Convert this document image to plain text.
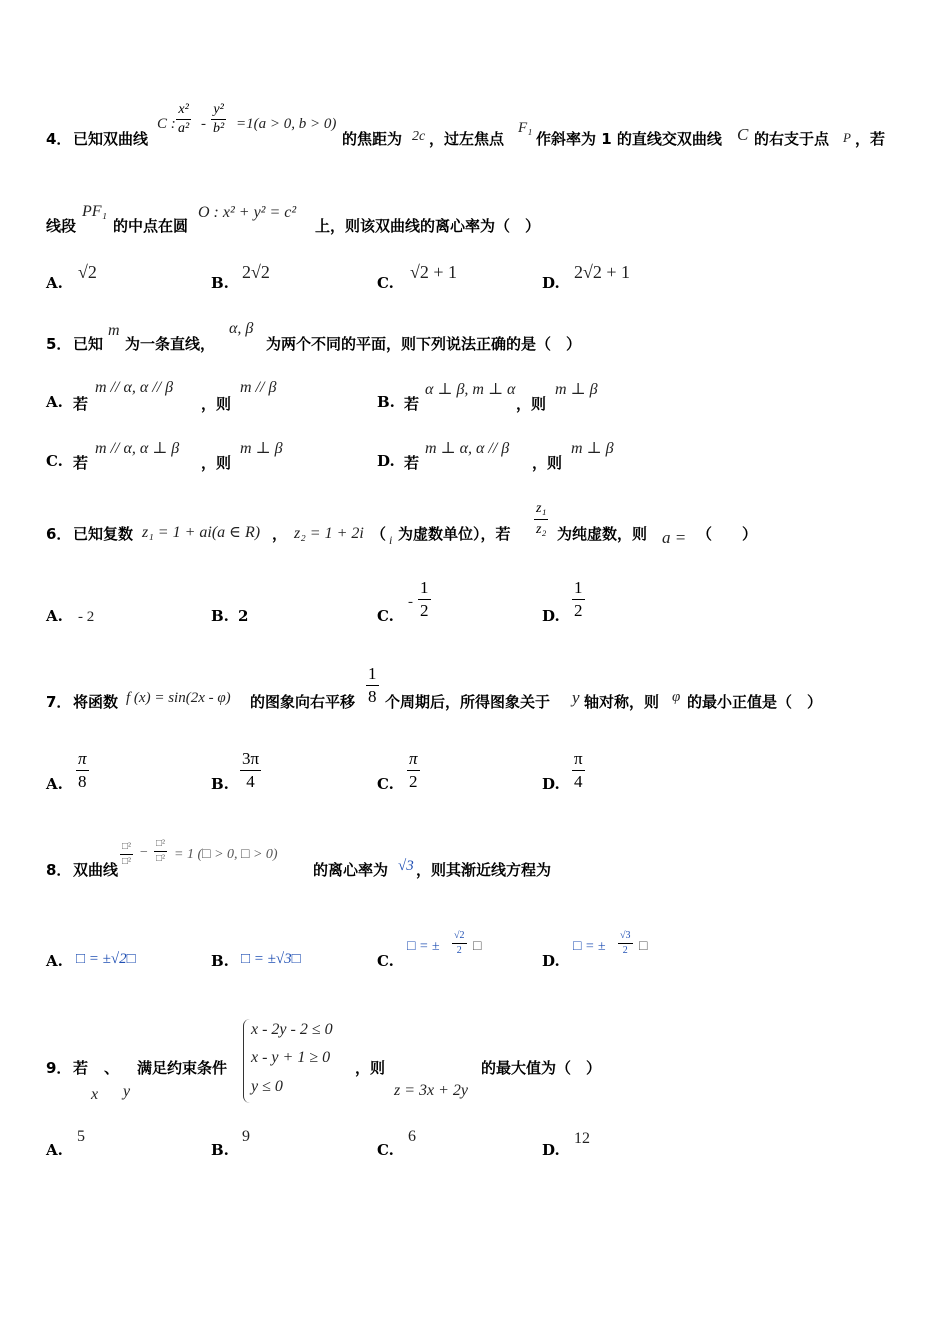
4． 已知双曲线
C :
x²
a² -
y²
b² =1(a > 0, b > 0)
的焦距为 2c ，过左焦点
F₁
作斜率为 1 的直线交双曲线 C 的右支于点 P ，若
线段
PF₁
的中点在圆
O : x² + y² = c²
上，则该双曲线的离心率为（　）
A.
√2
B.
2√2
C.
√2 + 1
D.
2√2 + 1
5． 已知
m
为一条直线，
α, β
为两个不同的平面，则下列说法正确的是（　）
A. 若
m // α, α // β
，则
m // β
B. 若
α ⊥ β, m ⊥ α
，则
m ⊥ β
C. 若
m // α, α ⊥ β
，则
m ⊥ β
D. 若
m ⊥ α, α // β
，则
m ⊥ β
6． 已知复数 z₁ = 1 + ai(a ∈ R) ， z₂ = 1 + 2i （ i 为虚数单位），若
z₁
z₂ 为纯虚数，则 a = （　　）
A. - 2	B. 2	C.
-
1
2	D.
1
2
7． 将函数 f (x) = sin(2x - φ) 的图象向右平移
1
8 个周期后，所得图象关于 y 轴对称，则 φ 的最小正值是（　）
A.
π
8	B.
3π
4	C.
π
2	D.
π
4
8． 双曲线
□²
□²
−
□²
□² = 1 (□ > 0, □ > 0)
的离心率为 √3 ，则其渐近线方程为
A. □ = ±√2□	B. □ = ±√3□	C.
□ = ±
√2
2 □
D.
□ = ±
√3
2 □
9． 若 、 满足约束条件
x y
x - 2y - 2 ≤ 0
x - y + 1 ≥ 0
y ≤ 0
，则
z = 3x + 2y
的最大值为（　）
A.
5
B.
9
C.
6
D.
12
